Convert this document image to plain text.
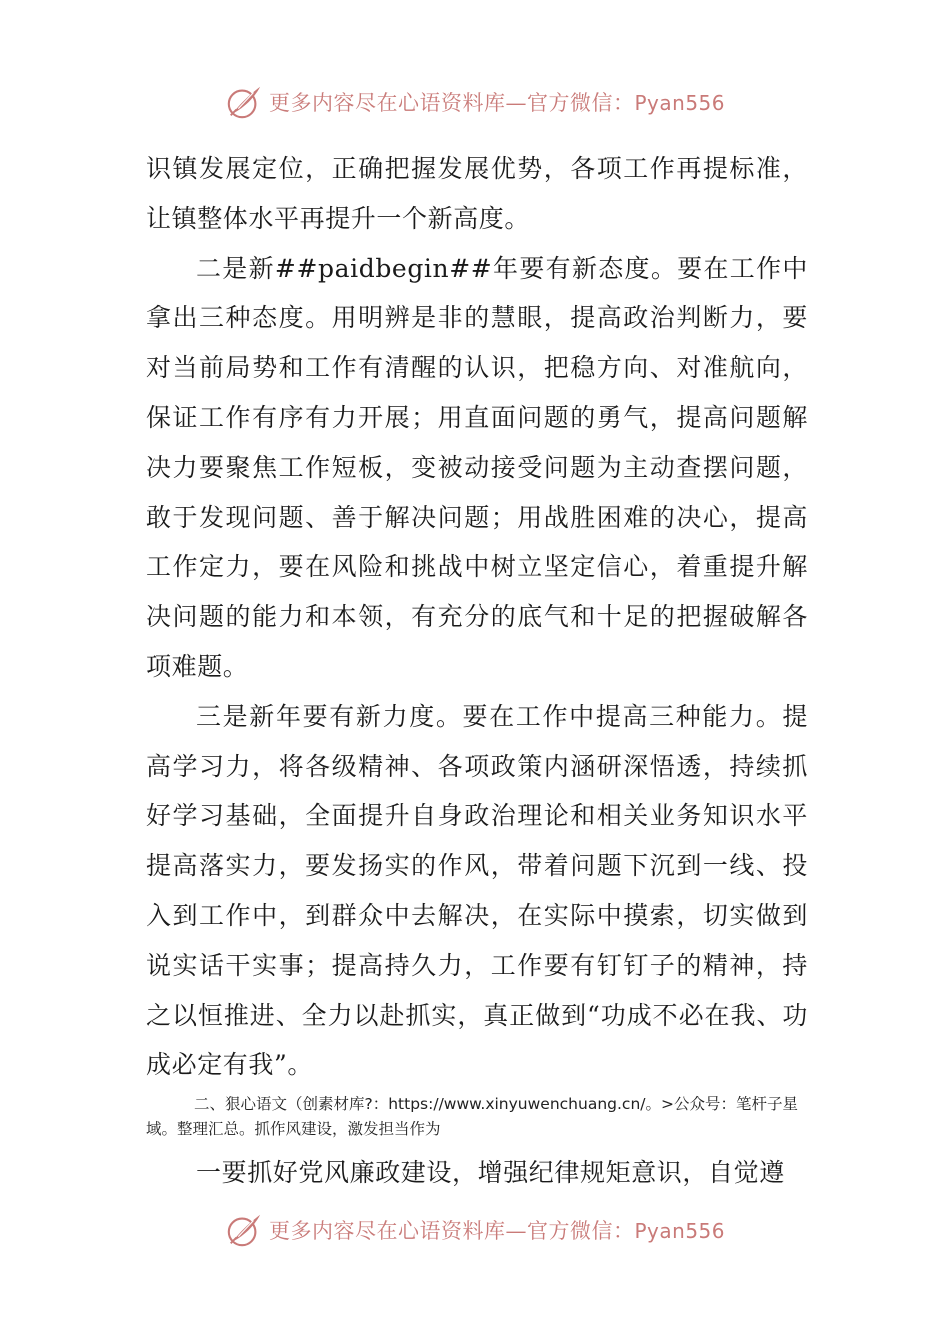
更多内容尽在心语资料库—官方微信：Pyan556

识镇发展定位，正确把握发展优势，各项工作再提标准，让镇整体水平再提升一个新高度。

二是新##paidbegin##年要有新态度。要在工作中拿出三种态度。用明辨是非的慧眼，提高政治判断力，要对当前局势和工作有清醒的认识，把稳方向、对准航向，保证工作有序有力开展；用直面问题的勇气，提高问题解决力要聚焦工作短板，变被动接受问题为主动查摆问题，敢于发现问题、善于解决问题；用战胜困难的决心，提高工作定力，要在风险和挑战中树立坚定信心，着重提升解决问题的能力和本领，有充分的底气和十足的把握破解各项难题。

三是新年要有新力度。要在工作中提高三种能力。提高学习力，将各级精神、各项政策内涵研深悟透，持续抓好学习基础，全面提升自身政治理论和相关业务知识水平提高落实力，要发扬实的作风，带着问题下沉到一线、投入到工作中，到群众中去解决，在实际中摸索，切实做到说实话干实事；提高持久力，工作要有钉钉子的精神，持之以恒推进、全力以赴抓实，真正做到“功成不必在我、功成必定有我”。

二、狠心语文（创素材库?：https://www.xinyuwenchuang.cn/。>公众号：笔杆子星域。整理汇总。抓作风建设，激发担当作为

一要抓好党风廉政建设，增强纪律规矩意识，自觉遵

更多内容尽在心语资料库—官方微信：Pyan556
